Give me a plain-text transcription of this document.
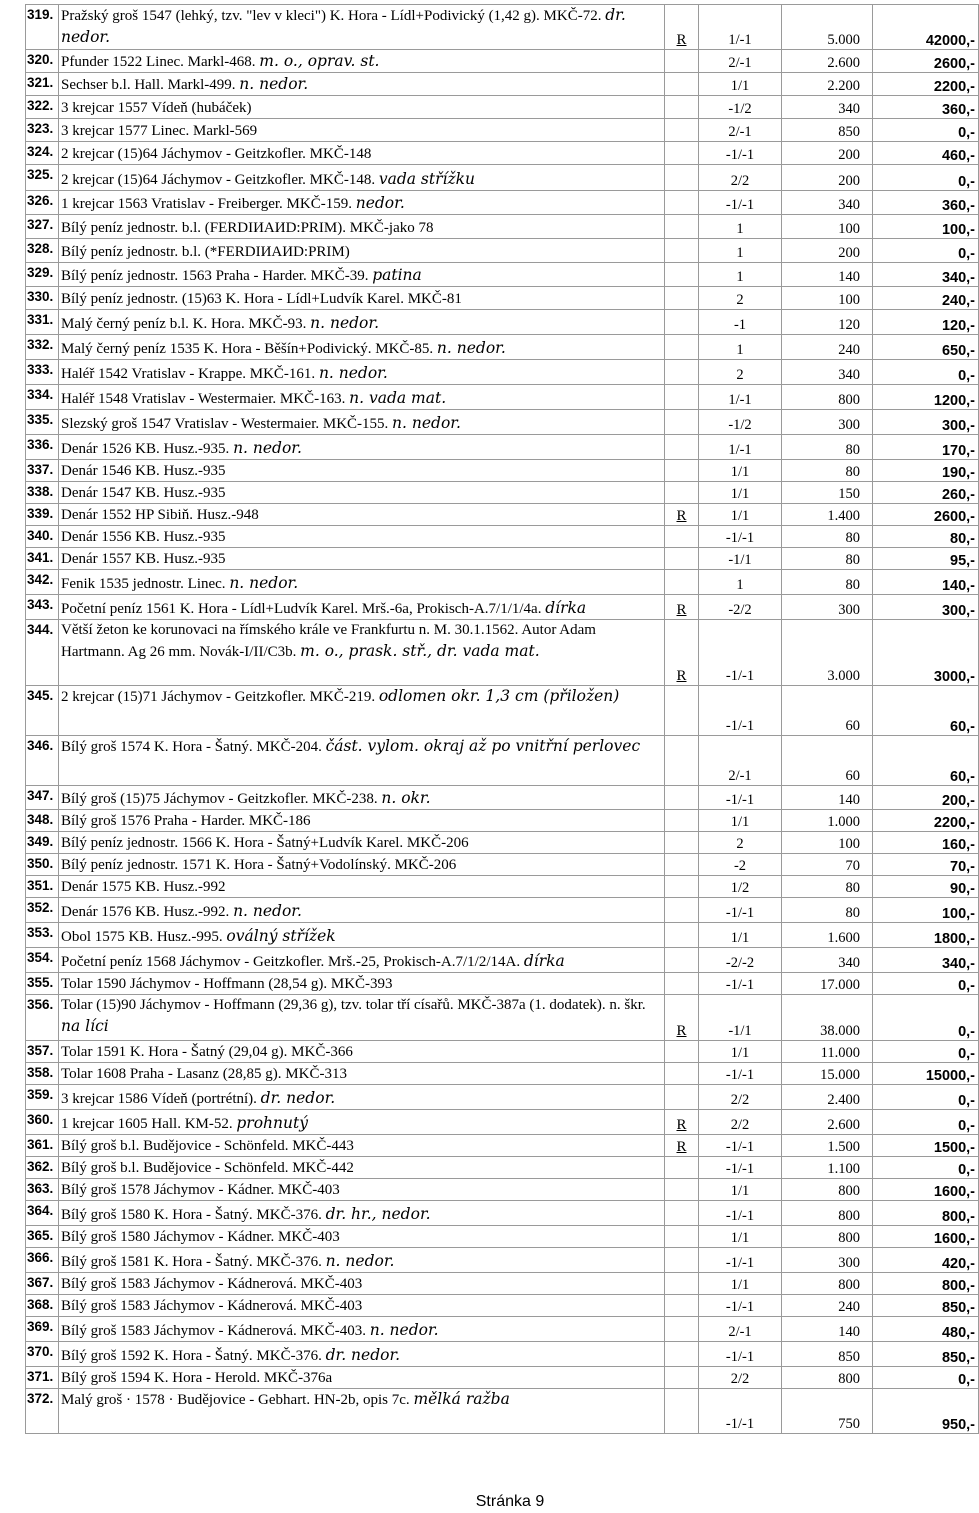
319.	Pražský groš 1547 (lehký, tzv. "lev v kleci") K. Hora - Lídl+Podivický (1,42 g). MKČ-72. dr. nedor.	R	1/-1	5.000	42000,-
320.	Pfunder 1522 Linec. Markl-468. m. o., oprav. st.		2/-1	2.600	2600,-
321.	Sechser b.l. Hall. Markl-499. n. nedor.		1/1	2.200	2200,-
322.	3 krejcar 1557 Vídeň (hubáček)		-1/2	340	360,-
323.	3 krejcar 1577 Linec. Markl-569		2/-1	850	0,-
324.	2 krejcar (15)64 Jáchymov - Geitzkofler. MKČ-148		-1/-1	200	460,-
325.	2 krejcar (15)64 Jáchymov - Geitzkofler. MKČ-148. vada střížku		2/2	200	0,-
326.	1 krejcar 1563 Vratislav - Freiberger. MKČ-159. nedor.		-1/-1	340	360,-
327.	Bílý peníz jednostr. b.l. (FERDIИAИD:PRIM). MKČ-jako 78		1	100	100,-
328.	Bílý peníz jednostr. b.l. (*FERDIИAИD:PRIM)		1	200	0,-
329.	Bílý peníz jednostr. 1563 Praha - Harder. MKČ-39. patina		1	140	340,-
330.	Bílý peníz jednostr. (15)63 K. Hora - Lídl+Ludvík Karel. MKČ-81		2	100	240,-
331.	Malý černý peníz b.l. K. Hora. MKČ-93. n. nedor.		-1	120	120,-
332.	Malý černý peníz 1535 K. Hora - Běšín+Podivický. MKČ-85. n. nedor.		1	240	650,-
333.	Haléř 1542 Vratislav - Krappe. MKČ-161. n. nedor.		2	340	0,-
334.	Haléř 1548 Vratislav - Westermaier. MKČ-163. n. vada mat.		1/-1	800	1200,-
335.	Slezský groš 1547 Vratislav - Westermaier. MKČ-155. n. nedor.		-1/2	300	300,-
336.	Denár 1526 KB. Husz.-935. n. nedor.		1/-1	80	170,-
337.	Denár 1546 KB. Husz.-935		1/1	80	190,-
338.	Denár 1547 KB. Husz.-935		1/1	150	260,-
339.	Denár 1552 HP Sibiň. Husz.-948	R	1/1	1.400	2600,-
340.	Denár 1556 KB. Husz.-935		-1/-1	80	80,-
341.	Denár 1557 KB. Husz.-935		-1/1	80	95,-
342.	Fenik 1535 jednostr. Linec. n. nedor.		1	80	140,-
343.	Početní peníz 1561 K. Hora - Lídl+Ludvík Karel. Mrš.-6a, Prokisch-A.7/1/1/4a. dírka	R	-2/2	300	300,-
344.	Větší žeton ke korunovaci na římského krále ve Frankfurtu n. M. 30.1.1562. Autor Adam Hartmann. Ag 26 mm. Novák-I/II/C3b. m. o., prask. stř., dr. vada mat.	R	-1/-1	3.000	3000,-
345.	2 krejcar (15)71 Jáchymov - Geitzkofler. MKČ-219. odlomen okr. 1,3 cm (přiložen)		-1/-1	60	60,-
346.	Bílý groš 1574 K. Hora - Šatný. MKČ-204. část. vylom. okraj až po vnitřní perlovec		2/-1	60	60,-
347.	Bílý groš (15)75 Jáchymov - Geitzkofler. MKČ-238. n. okr.		-1/-1	140	200,-
348.	Bílý groš 1576 Praha - Harder. MKČ-186		1/1	1.000	2200,-
349.	Bílý peníz jednostr. 1566 K. Hora - Šatný+Ludvík Karel. MKČ-206		2	100	160,-
350.	Bílý peníz jednostr. 1571 K. Hora - Šatný+Vodolínský. MKČ-206		-2	70	70,-
351.	Denár 1575 KB. Husz.-992		1/2	80	90,-
352.	Denár 1576 KB. Husz.-992. n. nedor.		-1/-1	80	100,-
353.	Obol 1575 KB. Husz.-995. oválný střížek		1/1	1.600	1800,-
354.	Početní peníz 1568 Jáchymov - Geitzkofler. Mrš.-25, Prokisch-A.7/1/2/14A. dírka		-2/-2	340	340,-
355.	Tolar 1590 Jáchymov - Hoffmann (28,54 g). MKČ-393		-1/-1	17.000	0,-
356.	Tolar (15)90 Jáchymov - Hoffmann (29,36 g), tzv. tolar tří císařů. MKČ-387a (1. dodatek). n. škr. na líci	R	-1/1	38.000	0,-
357.	Tolar 1591 K. Hora - Šatný (29,04 g). MKČ-366		1/1	11.000	0,-
358.	Tolar 1608 Praha - Lasanz (28,85 g). MKČ-313		-1/-1	15.000	15000,-
359.	3 krejcar 1586 Vídeň (portrétní). dr. nedor.		2/2	2.400	0,-
360.	1 krejcar 1605 Hall. KM-52. prohnutý	R	2/2	2.600	0,-
361.	Bílý groš b.l. Budějovice - Schönfeld. MKČ-443	R	-1/-1	1.500	1500,-
362.	Bílý groš b.l. Budějovice - Schönfeld. MKČ-442		-1/-1	1.100	0,-
363.	Bílý groš 1578 Jáchymov - Kádner. MKČ-403		1/1	800	1600,-
364.	Bílý groš 1580 K. Hora - Šatný. MKČ-376. dr. hr., nedor.		-1/-1	800	800,-
365.	Bílý groš 1580 Jáchymov - Kádner. MKČ-403		1/1	800	1600,-
366.	Bílý groš 1581 K. Hora - Šatný. MKČ-376. n. nedor.		-1/-1	300	420,-
367.	Bílý groš 1583 Jáchymov - Kádnerová. MKČ-403		1/1	800	800,-
368.	Bílý groš 1583 Jáchymov - Kádnerová. MKČ-403		-1/-1	240	850,-
369.	Bílý groš 1583 Jáchymov - Kádnerová. MKČ-403. n. nedor.		2/-1	140	480,-
370.	Bílý groš 1592 K. Hora - Šatný. MKČ-376. dr. nedor.		-1/-1	850	850,-
371.	Bílý groš 1594 K. Hora - Herold. MKČ-376a		2/2	800	0,-
372.	Malý groš · 1578 · Budějovice - Gebhart. HN-2b, opis 7c. mělká ražba		-1/-1	750	950,-
Stránka 9
